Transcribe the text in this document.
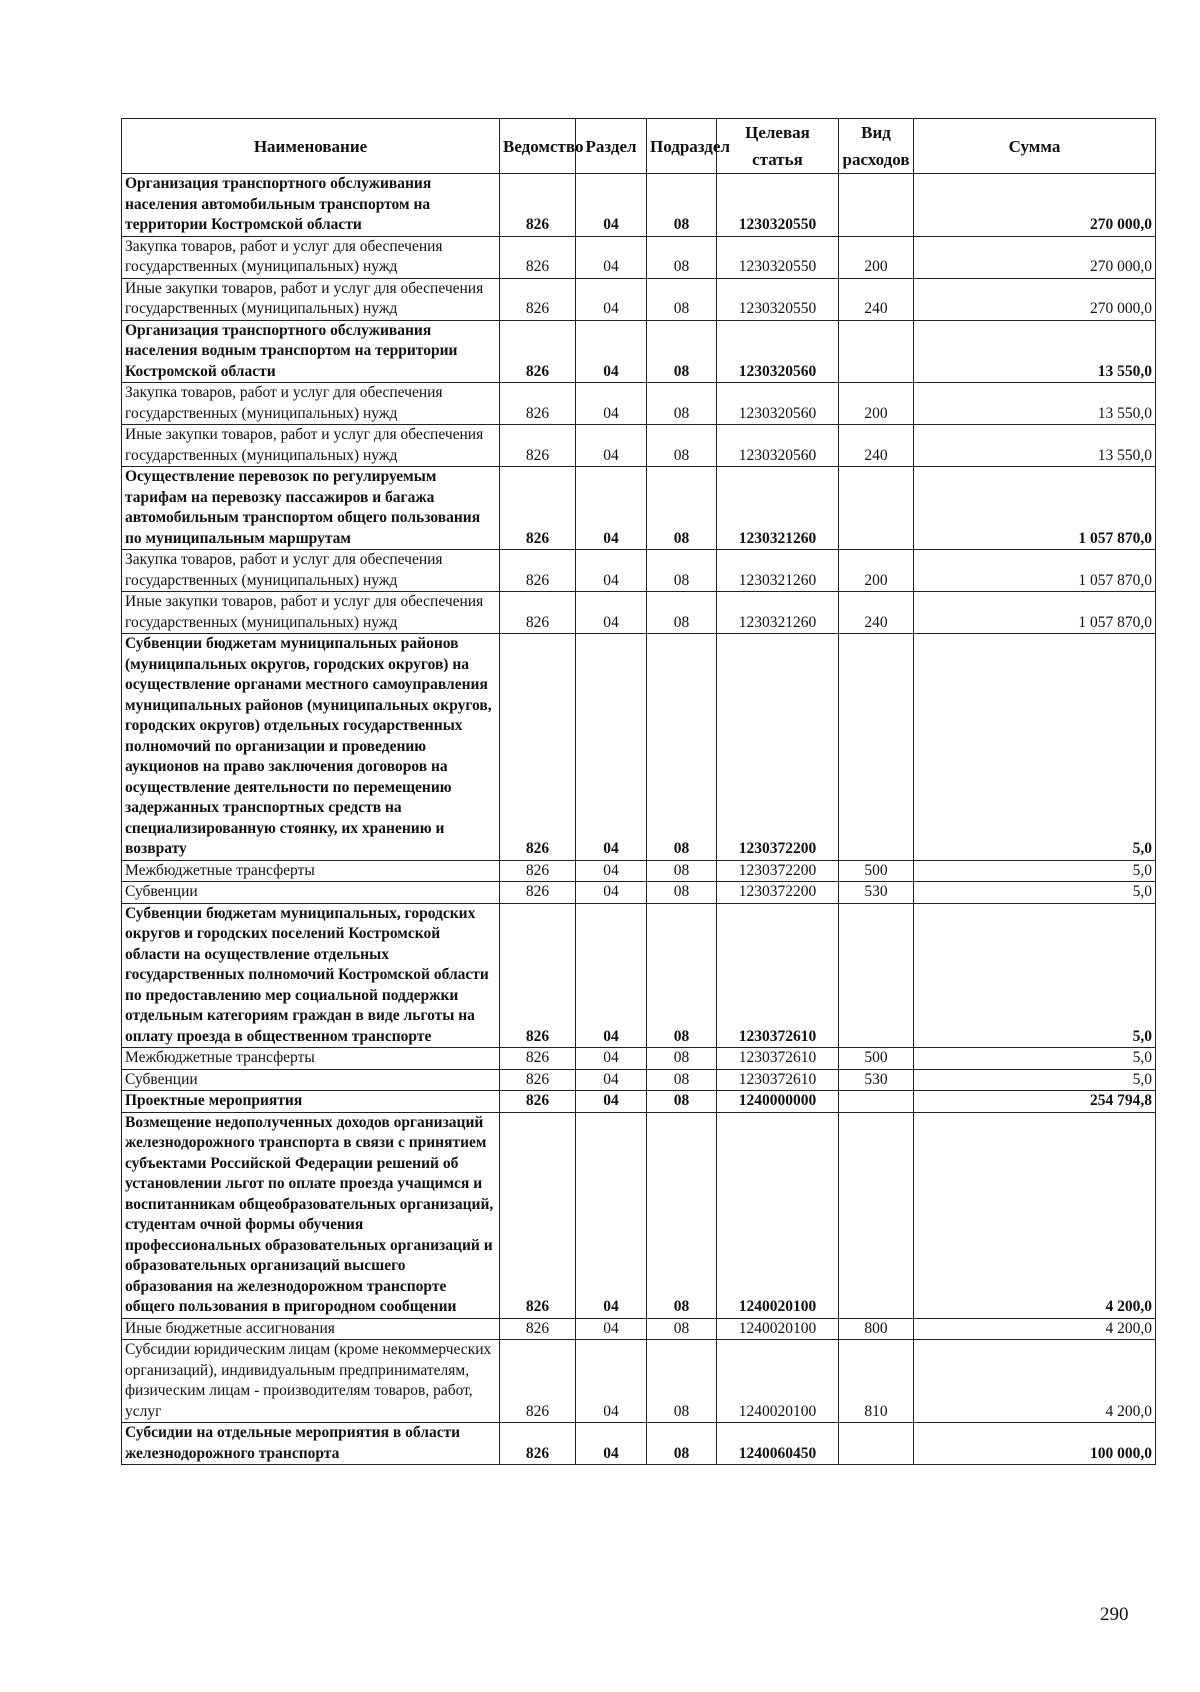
Наименование	Ведомство	Раздел	Подраздел	Целевая статья	Вид расходов	Сумма
Организация транспортного обслуживания населения автомобильным транспортом на территории Костромской области	826	04	08	1230320550		270 000,0
Закупка товаров, работ и услуг для обеспечения государственных (муниципальных) нужд	826	04	08	1230320550	200	270 000,0
Иные закупки товаров, работ и услуг для обеспечения государственных (муниципальных) нужд	826	04	08	1230320550	240	270 000,0
Организация транспортного обслуживания населения водным транспортом на территории Костромской области	826	04	08	1230320560		13 550,0
Закупка товаров, работ и услуг для обеспечения государственных (муниципальных) нужд	826	04	08	1230320560	200	13 550,0
Иные закупки товаров, работ и услуг для обеспечения государственных (муниципальных) нужд	826	04	08	1230320560	240	13 550,0
Осуществление перевозок по регулируемым тарифам на перевозку пассажиров и багажа автомобильным транспортом общего пользования по муниципальным маршрутам	826	04	08	1230321260		1 057 870,0
Закупка товаров, работ и услуг для обеспечения государственных (муниципальных) нужд	826	04	08	1230321260	200	1 057 870,0
Иные закупки товаров, работ и услуг для обеспечения государственных (муниципальных) нужд	826	04	08	1230321260	240	1 057 870,0
Субвенции бюджетам муниципальных районов (муниципальных округов, городских округов) на осуществление органами местного самоуправления муниципальных районов (муниципальных округов, городских округов) отдельных государственных полномочий по организации и проведению аукционов на право заключения договоров на осуществление деятельности по перемещению задержанных транспортных средств на специализированную стоянку, их хранению и возврату	826	04	08	1230372200		5,0
Межбюджетные трансферты	826	04	08	1230372200	500	5,0
Субвенции	826	04	08	1230372200	530	5,0
Субвенции бюджетам муниципальных, городских округов и городских поселений Костромской области на осуществление отдельных государственных полномочий Костромской области по предоставлению мер социальной поддержки отдельным категориям граждан в виде льготы на оплату проезда в общественном транспорте	826	04	08	1230372610		5,0
Межбюджетные трансферты	826	04	08	1230372610	500	5,0
Субвенции	826	04	08	1230372610	530	5,0
Проектные мероприятия	826	04	08	1240000000		254 794,8
Возмещение недополученных доходов организаций железнодорожного транспорта в связи с принятием субъектами Российской Федерации решений об установлении льгот по оплате проезда учащимся и воспитанникам общеобразовательных организаций, студентам очной формы обучения профессиональных образовательных организаций и образовательных организаций высшего образования на железнодорожном транспорте общего пользования в пригородном сообщении	826	04	08	1240020100		4 200,0
Иные бюджетные ассигнования	826	04	08	1240020100	800	4 200,0
Субсидии юридическим лицам (кроме некоммерческих организаций), индивидуальным предпринимателям, физическим лицам - производителям товаров, работ, услуг	826	04	08	1240020100	810	4 200,0
Субсидии на отдельные мероприятия в области железнодорожного транспорта	826	04	08	1240060450		100 000,0
290
